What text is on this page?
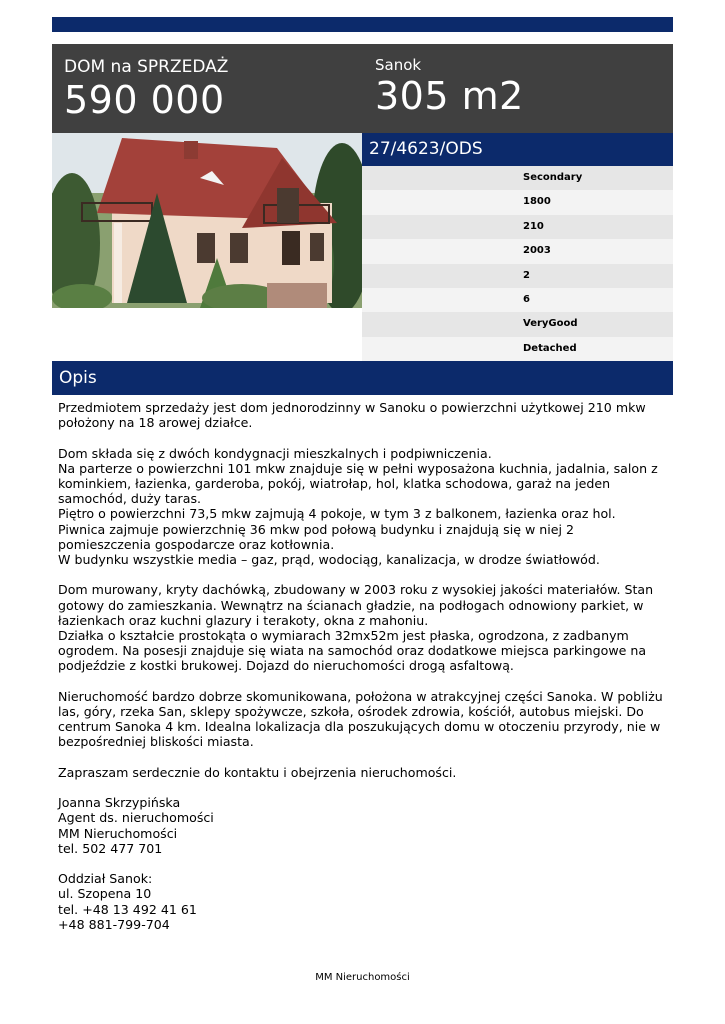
DOM na SPRZEDAŻ
590 000
Sanok
305 m2
27/4623/ODS
Secondary
1800
210
2003
2
6
VeryGood
Detached
Opis

Przedmiotem sprzedaży jest dom jednorodzinny w Sanoku o powierzchni użytkowej 210 mkw położony na 18 arowej działce.

Dom składa się z dwóch kondygnacji mieszkalnych i podpiwniczenia.
Na parterze o powierzchni 101 mkw znajduje się w pełni wyposażona kuchnia, jadalnia, salon z kominkiem, łazienka, garderoba, pokój, wiatrołap, hol, klatka schodowa, garaż na jeden samochód, duży taras.
Piętro o powierzchni 73,5 mkw zajmują 4 pokoje, w tym 3 z balkonem, łazienka oraz hol.
Piwnica zajmuje powierzchnię 36 mkw pod połową budynku i znajdują się w niej 2 pomieszczenia gospodarcze oraz kotłownia.
W budynku wszystkie media – gaz, prąd, wodociąg, kanalizacja, w drodze światłowód.

Dom murowany, kryty dachówką, zbudowany w 2003 roku z wysokiej jakości materiałów. Stan gotowy do zamieszkania. Wewnątrz na ścianach gładzie, na podłogach odnowiony parkiet, w łazienkach oraz kuchni glazury i terakoty, okna z mahoniu.
Działka o kształcie prostokąta o wymiarach 32mx52m jest płaska, ogrodzona, z zadbanym ogrodem. Na posesji znajduje się wiata na samochód oraz dodatkowe miejsca parkingowe na podjeździe z kostki brukowej. Dojazd do nieruchomości drogą asfaltową.

Nieruchomość bardzo dobrze skomunikowana, położona w atrakcyjnej części Sanoka. W pobliżu las, góry, rzeka San, sklepy spożywcze, szkoła, ośrodek zdrowia, kościół, autobus miejski. Do centrum Sanoka 4 km. Idealna lokalizacja dla poszukujących domu w otoczeniu przyrody, nie w bezpośredniej bliskości miasta.

Zapraszam serdecznie do kontaktu i obejrzenia nieruchomości.

Joanna Skrzypińska
Agent ds. nieruchomości
MM Nieruchomości
tel. 502 477 701

Oddział Sanok:
ul. Szopena 10
tel. +48 13 492 41 61
+48 881-799-704

MM Nieruchomości
